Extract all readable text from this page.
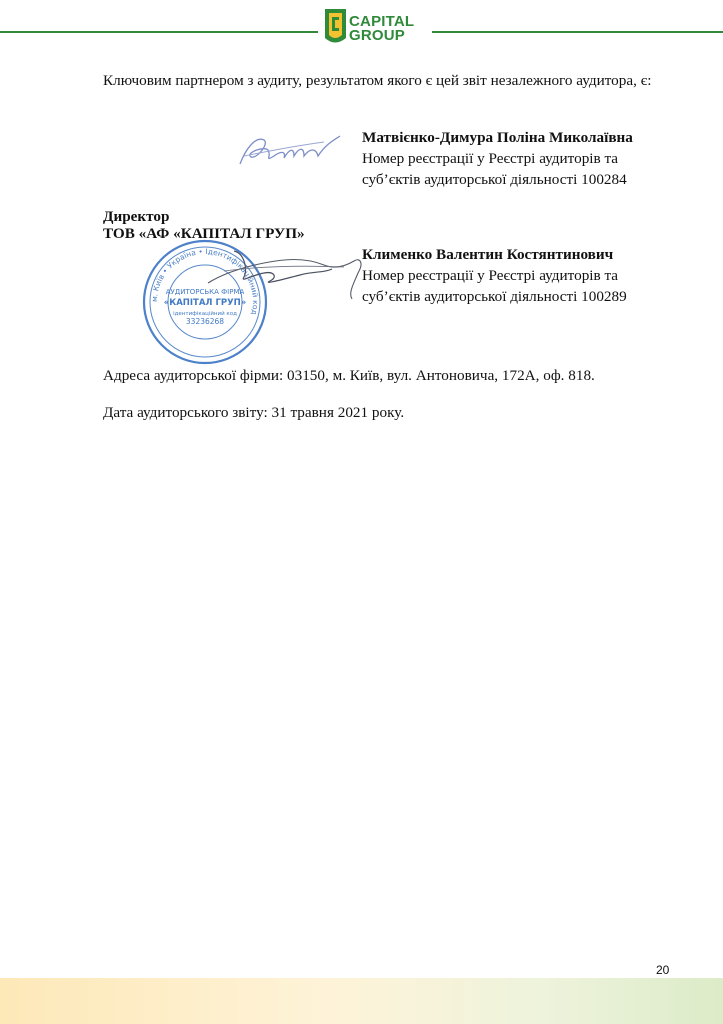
CAPITAL
GROUP
Ключовим партнером з аудиту, результатом якого є цей звіт незалежного аудитора, є:
Матвієнко-Димура Поліна Миколаївна
Номер реєстрації у Реєстрі аудиторів та
суб’єктів аудиторської діяльності 100284
Директор
ТОВ «АФ «КАПІТАЛ ГРУП»
м. Київ • Україна • Ідентифікаційний код
АУДИТОРСЬКА ФІРМА
«КАПІТАЛ ГРУП»
ідентифікаційний код
33236268
Клименко Валентин Костянтинович
Номер реєстрації у Реєстрі аудиторів та
суб’єктів аудиторської діяльності 100289
Адреса аудиторської фірми: 03150, м. Київ, вул. Антоновича, 172А, оф. 818.
Дата аудиторського звіту: 31 травня 2021 року.
20
